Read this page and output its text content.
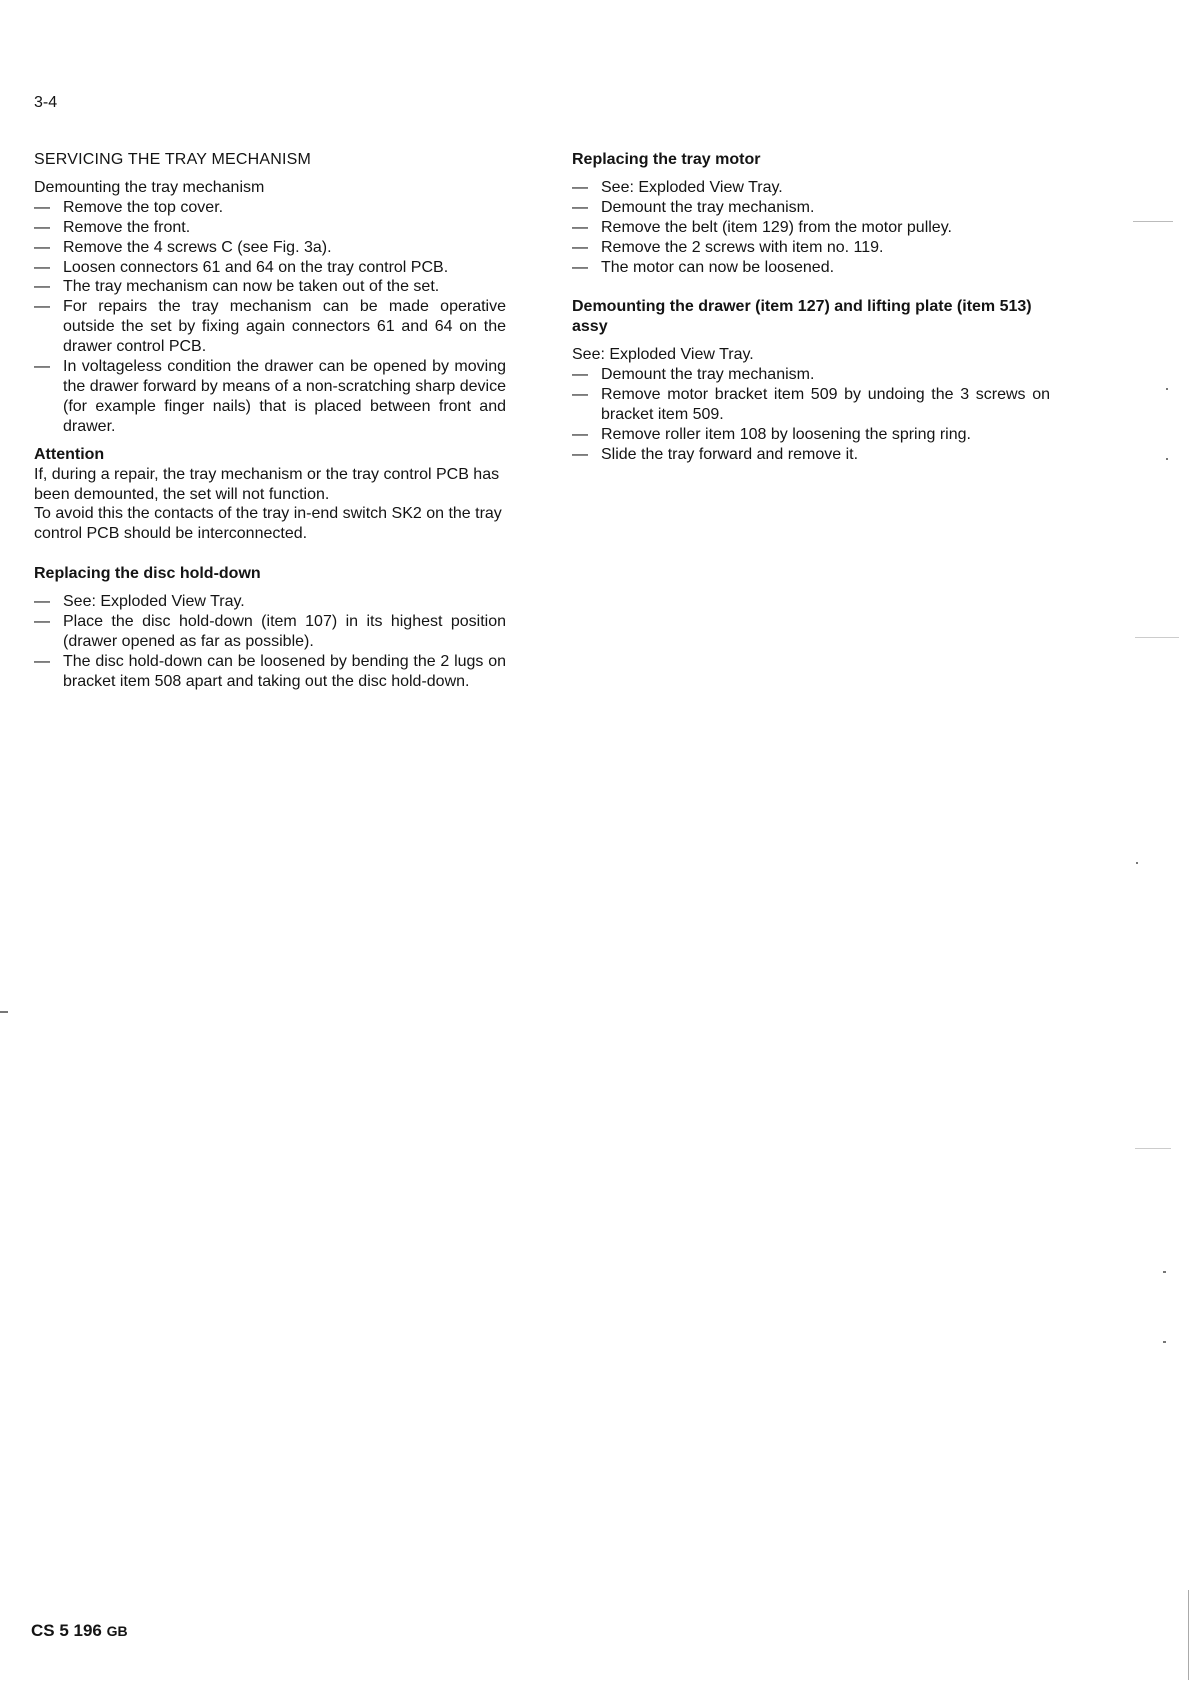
3-4
SERVICING THE TRAY MECHANISM

Demounting the tray mechanism

— Remove the top cover.
— Remove the front.
— Remove the 4 screws C (see Fig. 3a).
— Loosen connectors 61 and 64 on the tray control PCB.
— The tray mechanism can now be taken out of the set.
— For repairs the tray mechanism can be made operative outside the set by fixing again connectors 61 and 64 on the drawer control PCB.
— In voltageless condition the drawer can be opened by moving the drawer forward by means of a non-scratching sharp device (for example finger nails) that is placed between front and drawer.

Attention

If, during a repair, the tray mechanism or the tray control PCB has been demounted, the set will not function.

To avoid this the contacts of the tray in-end switch SK2 on the tray control PCB should be interconnected.

Replacing the disc hold-down

— See: Exploded View Tray.
— Place the disc hold-down (item 107) in its highest position (drawer opened as far as possible).
— The disc hold-down can be loosened by bending the 2 lugs on bracket item 508 apart and taking out the disc hold-down.

Replacing the tray motor

— See: Exploded View Tray.
— Demount the tray mechanism.
— Remove the belt (item 129) from the motor pulley.
— Remove the 2 screws with item no. 119.
— The motor can now be loosened.

Demounting the drawer (item 127) and lifting plate (item 513) assy

See: Exploded View Tray.

— Demount the tray mechanism.
— Remove motor bracket item 509 by undoing the 3 screws on bracket item 509.
— Remove roller item 108 by loosening the spring ring.
— Slide the tray forward and remove it.
CS 5 196 GB
